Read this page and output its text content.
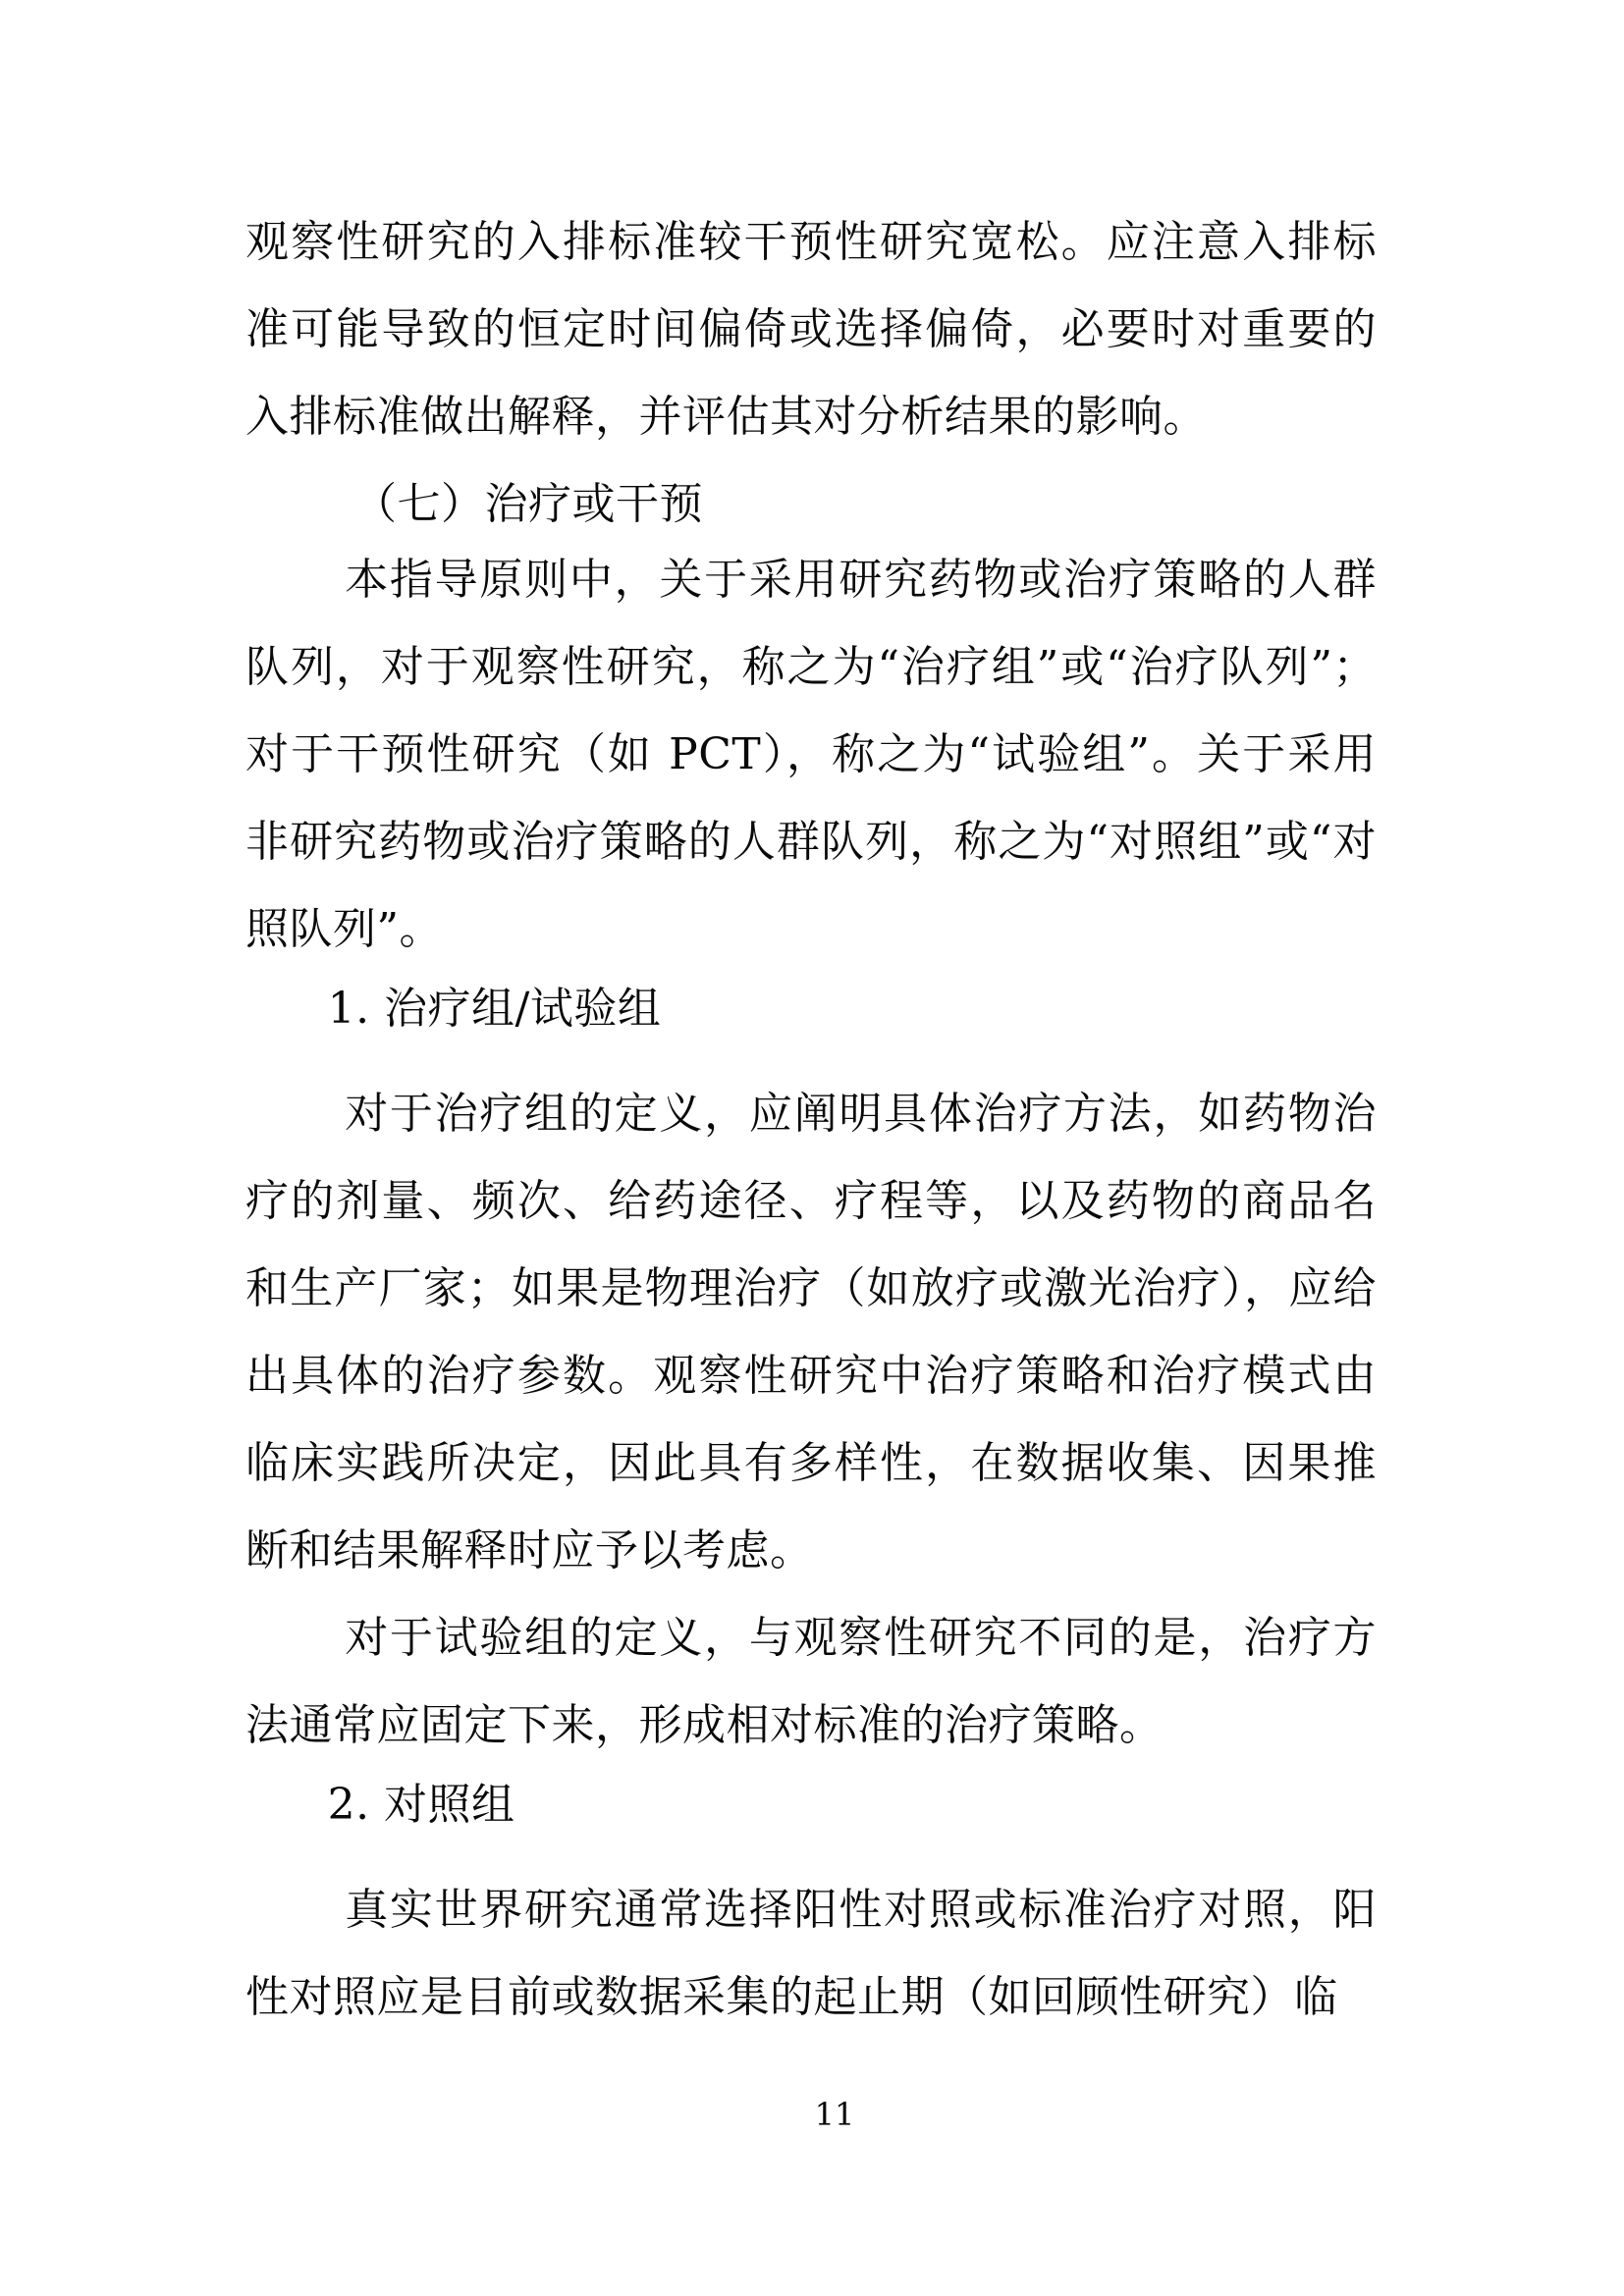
观察性研究的入排标准较干预性研究宽松。应注意入排标准可能导致的恒定时间偏倚或选择偏倚，必要时对重要的入排标准做出解释，并评估其对分析结果的影响。

（七）治疗或干预

本指导原则中，关于采用研究药物或治疗策略的人群队列，对于观察性研究，称之为“治疗组”或“治疗队列”；对于干预性研究（如 PCT），称之为“试验组”。关于采用非研究药物或治疗策略的人群队列，称之为“对照组”或“对照队列”。

1. 治疗组/试验组

对于治疗组的定义，应阐明具体治疗方法，如药物治疗的剂量、频次、给药途径、疗程等，以及药物的商品名和生产厂家；如果是物理治疗（如放疗或激光治疗），应给出具体的治疗参数。观察性研究中治疗策略和治疗模式由临床实践所决定，因此具有多样性，在数据收集、因果推断和结果解释时应予以考虑。

对于试验组的定义，与观察性研究不同的是，治疗方法通常应固定下来，形成相对标准的治疗策略。

2. 对照组

真实世界研究通常选择阳性对照或标准治疗对照，阳性对照应是目前或数据采集的起止期（如回顾性研究）临

11
